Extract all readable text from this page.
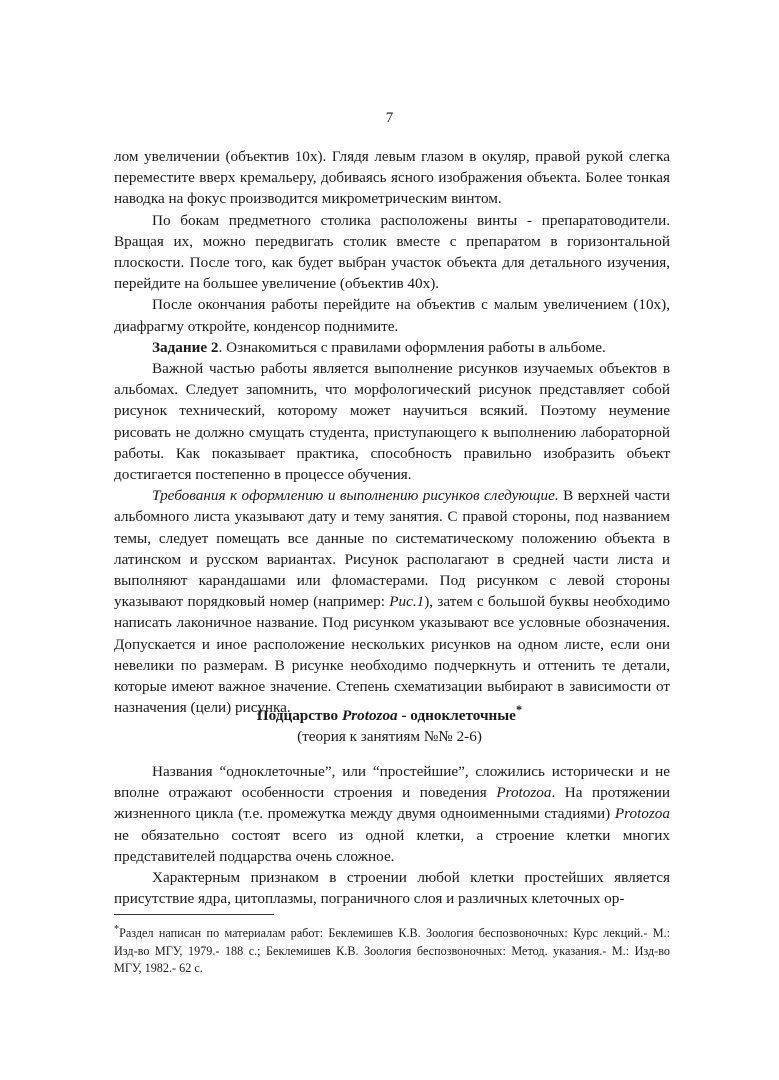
7

лом увеличении (объектив 10х). Глядя левым глазом в окуляр, правой рукой слегка переместите вверх кремальеру, добиваясь ясного изображения объекта. Более тонкая наводка на фокус производится микрометрическим винтом.

По бокам предметного столика расположены винты - препаратоводители. Вращая их, можно передвигать столик вместе с препаратом в горизонтальной плоскости. После того, как будет выбран участок объекта для детального изучения, перейдите на большее увеличение (объектив 40х).

После окончания работы перейдите на объектив с малым увеличением (10х), диафрагму откройте, конденсор поднимите.

Задание 2. Ознакомиться с правилами оформления работы в альбоме.

Важной частью работы является выполнение рисунков изучаемых объектов в альбомах. Следует запомнить, что морфологический рисунок представляет собой рисунок технический, которому может научиться всякий. Поэтому неумение рисовать не должно смущать студента, приступающего к выполнению лабораторной работы. Как показывает практика, способность правильно изобразить объект достигается постепенно в процессе обучения.

Требования к оформлению и выполнению рисунков следующие. В верхней части альбомного листа указывают дату и тему занятия. С правой стороны, под названием темы, следует помещать все данные по систематическому положению объекта в латинском и русском вариантах. Рисунок располагают в средней части листа и выполняют карандашами или фломастерами. Под рисунком с левой стороны указывают порядковый номер (например: Рис.1), затем с большой буквы необходимо написать лаконичное название. Под рисунком указывают все условные обозначения. Допускается и иное расположение нескольких рисунков на одном листе, если они невелики по размерам. В рисунке необходимо подчеркнуть и оттенить те детали, которые имеют важное значение. Степень схематизации выбирают в зависимости от назначения (цели) рисунка.

Подцарство Protozoa - одноклеточные*
(теория к занятиям №№ 2-6)

Названия “одноклеточные”, или “простейшие”, сложились исторически и не вполне отражают особенности строения и поведения Protozoa. На протяжении жизненного цикла (т.е. промежутка между двумя одноименными стадиями) Protozoa не обязательно состоят всего из одной клетки, а строение клетки многих представителей подцарства очень сложное.

Характерным признаком в строении любой клетки простейших является присутствие ядра, цитоплазмы, пограничного слоя и различных клеточных ор-

*Раздел написан по материалам работ: Беклемишев К.В. Зоология беспозвоночных: Курс лекций.- М.: Изд-во МГУ, 1979.- 188 с.; Беклемишев К.В. Зоология беспозвоночных: Метод. указания.- М.: Изд-во МГУ, 1982.- 62 с.
